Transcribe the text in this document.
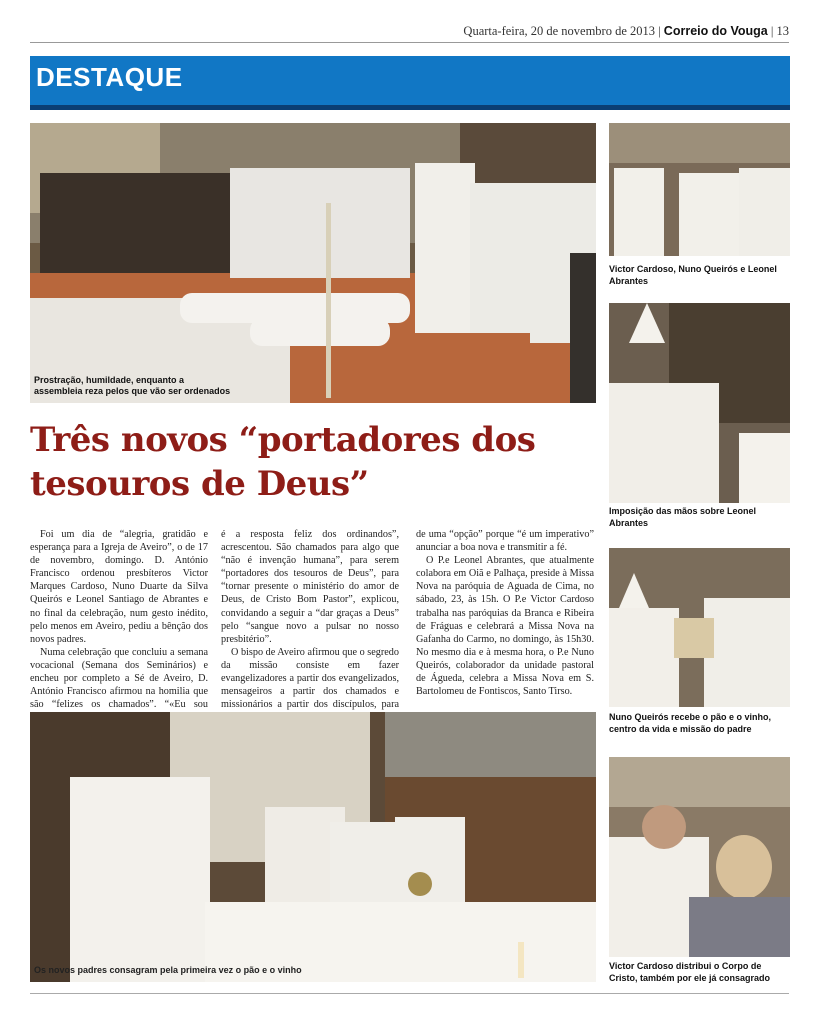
Quarta-feira, 20 de novembro de 2013 | Correio do Vouga | 13
DESTAQUE
Prostração, humildade, enquanto a assembleia reza pelos que vão ser ordenados
Três novos “portadores dos tesouros de Deus”

Foi um dia de “alegria, gratidão e esperança para a Igreja de Aveiro”, o de 17 de novembro, domingo. D. António Francisco ordenou presbíteros Victor Marques Cardoso, Nuno Duarte da Silva Queirós e Leonel Santiago de Abrantes e no final da celebração, num gesto inédito, pelo menos em Aveiro, pediu a bênção dos novos padres.

Numa celebração que concluiu a semana vocacional (Semana dos Seminários) e encheu por completo a Sé de Aveiro, D. António Francisco afirmou na homilia que são “felizes os chamados”. “«Eu sou

é a resposta feliz dos ordinandos”, acrescentou. São chamados para algo que “não é invenção humana”, para serem “portadores dos tesouros de Deus”, para “tornar presente o ministério do amor de Deus, de Cristo Bom Pastor”, explicou, convidando a seguir a “dar graças a Deus” pelo “sangue novo a pulsar no nosso presbitério”.

O bispo de Aveiro afirmou que o segredo da missão consiste em fazer evangelizadores a partir dos evangelizados, mensageiros a partir dos chamados e missionários a partir dos discípulos, para

de uma “opção” porque “é um imperativo” anunciar a boa nova e transmitir a fé.

O P.e Leonel Abrantes, que atualmente colabora em Oiã e Palhaça, preside à Missa Nova na paróquia de Aguada de Cima, no sábado, 23, às 15h. O P.e Victor Cardoso trabalha nas paróquias da Branca e Ribeira de Fráguas e celebrará a Missa Nova na Gafanha do Carmo, no domingo, às 15h30. No mesmo dia e à mesma hora, o P.e Nuno Queirós, colaborador da unidade pastoral de Águeda, celebra a Missa Nova em S. Bartolomeu de Fontiscos, Santo Tirso.

Os novos padres consagram pela primeira vez o pão e o vinho
Victor Cardoso, Nuno Queirós e Leonel Abrantes
Imposição das mãos sobre Leonel Abrantes
Nuno Queirós recebe o pão e o vinho, centro da vida e missão do padre
Victor Cardoso distribui o Corpo de Cristo, também por ele já consagrado
